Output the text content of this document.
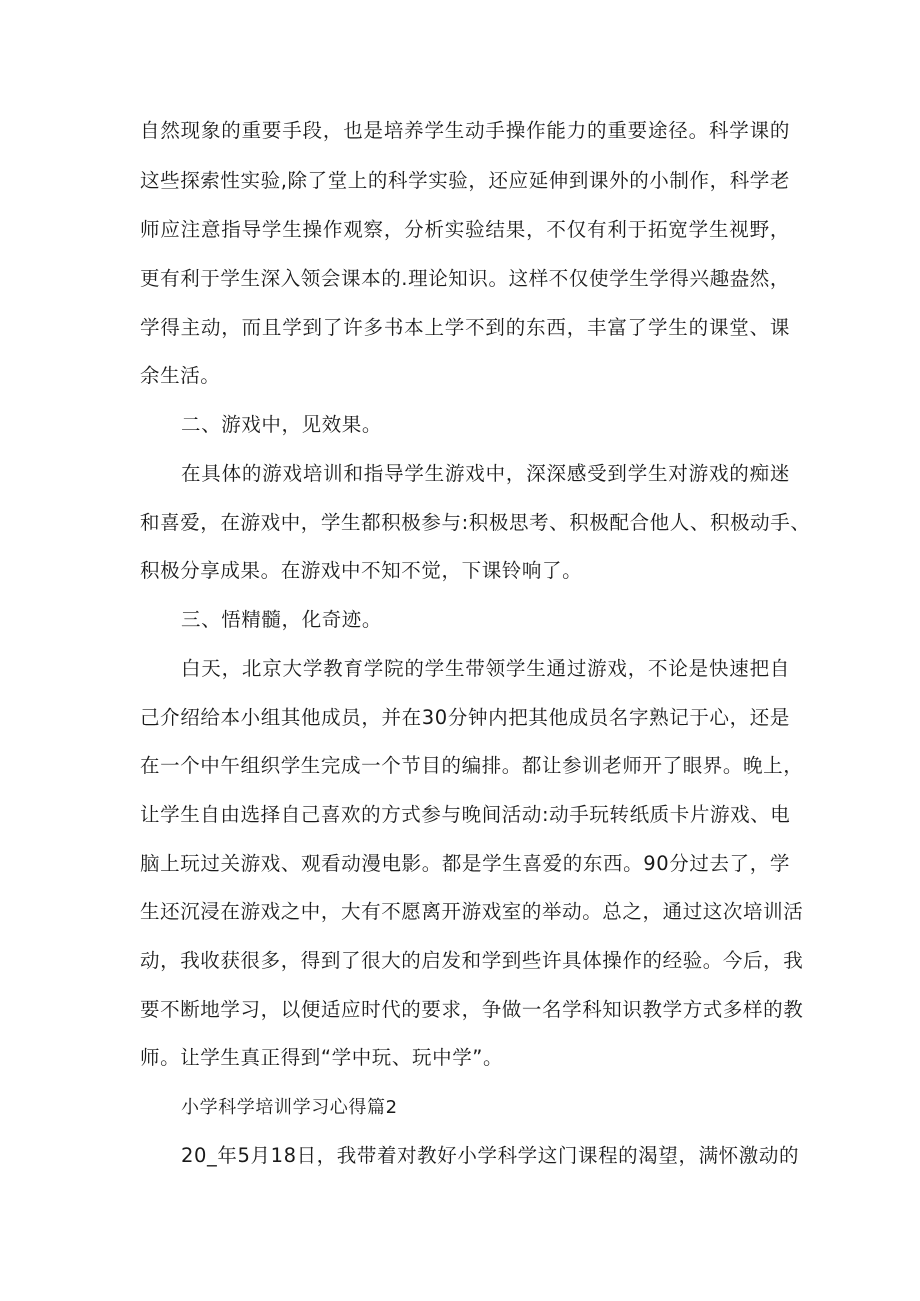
自然现象的重要手段，也是培养学生动手操作能力的重要途径。科学课的
这些探索性实验,除了堂上的科学实验，还应延伸到课外的小制作，科学老
师应注意指导学生操作观察，分析实验结果，不仅有利于拓宽学生视野，
更有利于学生深入领会课本的.理论知识。这样不仅使学生学得兴趣盎然，
学得主动，而且学到了许多书本上学不到的东西，丰富了学生的课堂、课
余生活。
二、游戏中，见效果。
在具体的游戏培训和指导学生游戏中，深深感受到学生对游戏的痴迷
和喜爱，在游戏中，学生都积极参与:积极思考、积极配合他人、积极动手、
积极分享成果。在游戏中不知不觉，下课铃响了。
三、悟精髓，化奇迹。
白天，北京大学教育学院的学生带领学生通过游戏，不论是快速把自
己介绍给本小组其他成员，并在30分钟内把其他成员名字熟记于心，还是
在一个中午组织学生完成一个节目的编排。都让参训老师开了眼界。晚上，
让学生自由选择自己喜欢的方式参与晚间活动:动手玩转纸质卡片游戏、电
脑上玩过关游戏、观看动漫电影。都是学生喜爱的东西。90分过去了，学
生还沉浸在游戏之中，大有不愿离开游戏室的举动。总之，通过这次培训活
动，我收获很多，得到了很大的启发和学到些许具体操作的经验。今后，我
要不断地学习，以便适应时代的要求，争做一名学科知识教学方式多样的教
师。让学生真正得到“学中玩、玩中学”。
小学科学培训学习心得篇2
20_年5月18日，我带着对教好小学科学这门课程的渴望，满怀激动的
